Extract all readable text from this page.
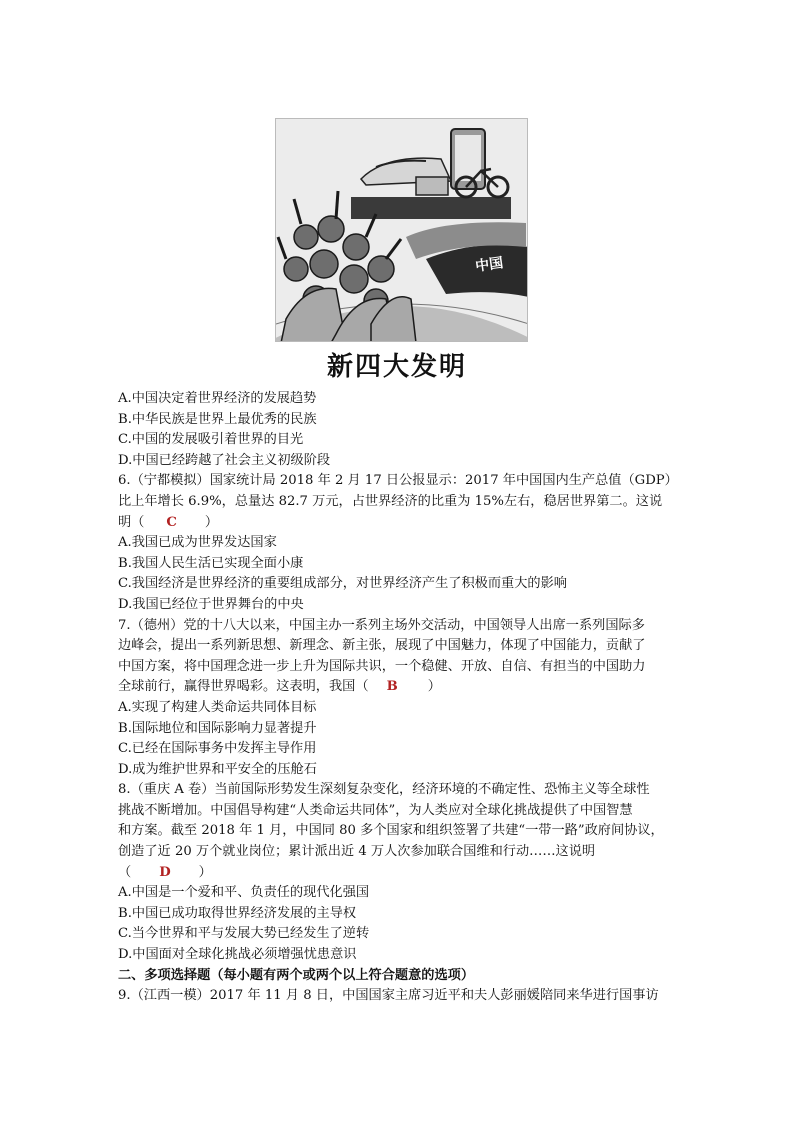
中国
新四大发明
A.中国决定着世界经济的发展趋势
B.中华民族是世界上最优秀的民族
C.中国的发展吸引着世界的目光
D.中国已经跨越了社会主义初级阶段
6.（宁都模拟）国家统计局 2018 年 2 月 17 日公报显示：2017 年中国国内生产总值（GDP）
比上年增长 6.9%，总量达 82.7 万元，占世界经济的比重为 15%左右，稳居世界第二。这说
明（ C ）
A.我国已成为世界发达国家
B.我国人民生活已实现全面小康
C.我国经济是世界经济的重要组成部分，对世界经济产生了积极而重大的影响
D.我国已经位于世界舞台的中央
7.（德州）党的十八大以来，中国主办一系列主场外交活动，中国领导人出席一系列国际多
边峰会，提出一系列新思想、新理念、新主张，展现了中国魅力，体现了中国能力，贡献了
中国方案，将中国理念进一步上升为国际共识，一个稳健、开放、自信、有担当的中国助力
全球前行，赢得世界喝彩。这表明，我国（ B ）
A.实现了构建人类命运共同体目标
B.国际地位和国际影响力显著提升
C.已经在国际事务中发挥主导作用
D.成为维护世界和平安全的压舱石
8.（重庆 A 卷）当前国际形势发生深刻复杂变化，经济环境的不确定性、恐怖主义等全球性
挑战不断增加。中国倡导构建“人类命运共同体”，为人类应对全球化挑战提供了中国智慧
和方案。截至 2018 年 1 月，中国同 80 多个国家和组织签署了共建“一带一路”政府间协议，
创造了近 20 万个就业岗位；累计派出近 4 万人次参加联合国维和行动……这说明
（ D ）
A.中国是一个爱和平、负责任的现代化强国
B.中国已成功取得世界经济发展的主导权
C.当今世界和平与发展大势已经发生了逆转
D.中国面对全球化挑战必须增强忧患意识
二、多项选择题（每小题有两个或两个以上符合题意的选项）
9.（江西一模）2017 年 11 月 8 日，中国国家主席习近平和夫人彭丽媛陪同来华进行国事访
